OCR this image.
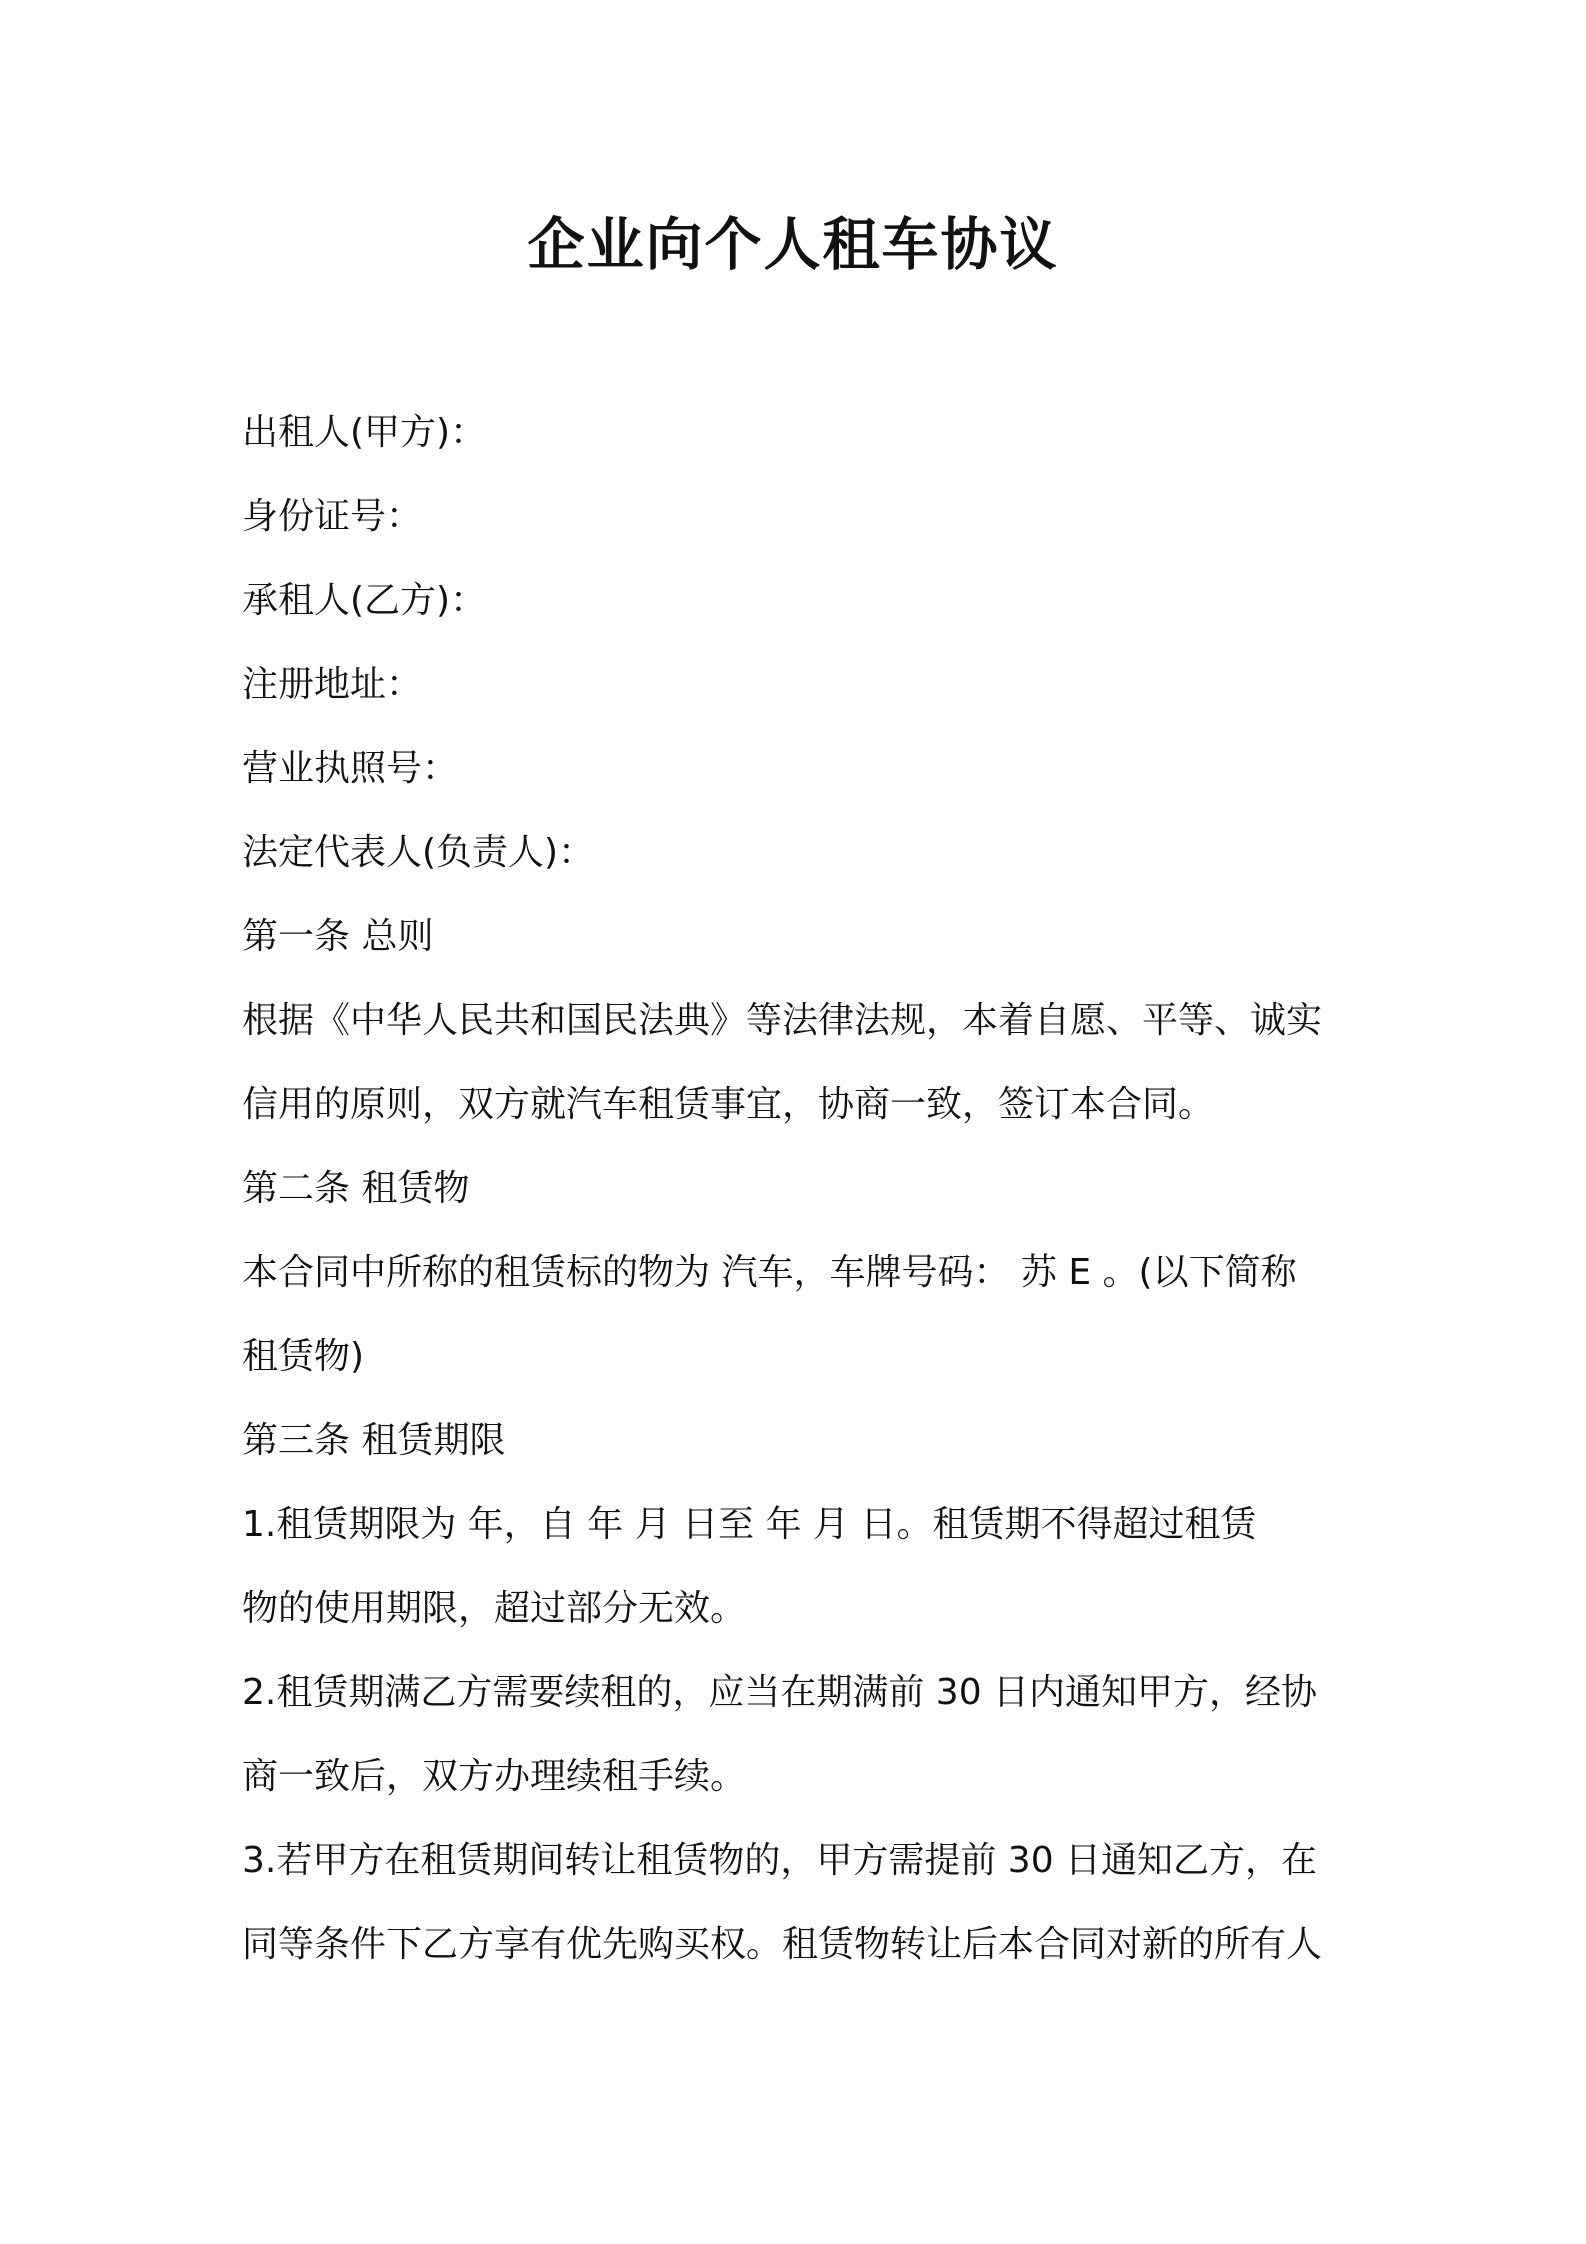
企业向个人租车协议
出租人(甲方)：
身份证号：
承租人(乙方)：
注册地址：
营业执照号：
法定代表人(负责人)：
第一条 总则
根据《中华人民共和国民法典》等法律法规，本着自愿、平等、诚实
信用的原则，双方就汽车租赁事宜，协商一致，签订本合同。
第二条 租赁物
本合同中所称的租赁标的物为 汽车，车牌号码： 苏 E 。(以下简称
租赁物)
第三条 租赁期限
1.租赁期限为 年，自 年 月 日至 年 月 日。租赁期不得超过租赁
物的使用期限，超过部分无效。
2.租赁期满乙方需要续租的，应当在期满前 30 日内通知甲方，经协
商一致后，双方办理续租手续。
3.若甲方在租赁期间转让租赁物的，甲方需提前 30 日通知乙方，在
同等条件下乙方享有优先购买权。租赁物转让后本合同对新的所有人
